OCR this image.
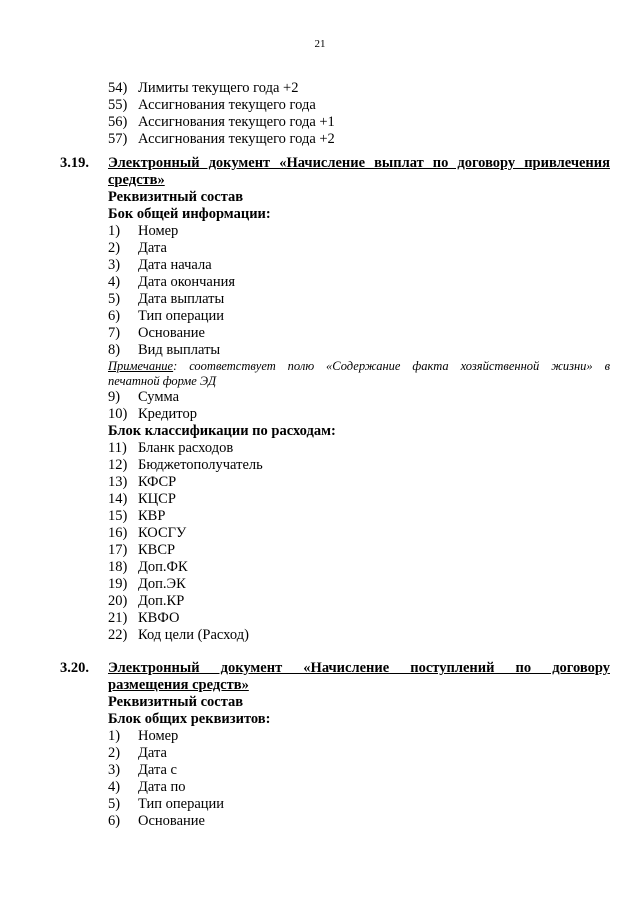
21
54) Лимиты текущего года +2
55) Ассигнования текущего года
56) Ассигнования текущего года +1
57) Ассигнования текущего года +2
3.19. Электронный документ «Начисление выплат по договору привлечения
средств»
Реквизитный состав
Бок общей информации:
1) Номер
2) Дата
3) Дата начала
4) Дата окончания
5) Дата выплаты
6) Тип операции
7) Основание
8) Вид выплаты
Примечание: соответствует полю «Содержание факта хозяйственной жизни» в
печатной форме ЭД
9) Сумма
10) Кредитор
Блок классификации по расходам:
11) Бланк расходов
12) Бюджетополучатель
13) КФСР
14) КЦСР
15) КВР
16) КОСГУ
17) КВСР
18) Доп.ФК
19) Доп.ЭК
20) Доп.КР
21) КВФО
22) Код цели (Расход)
3.20. Электронный документ «Начисление поступлений по договору
размещения средств»
Реквизитный состав
Блок общих реквизитов:
1) Номер
2) Дата
3) Дата с
4) Дата по
5) Тип операции
6) Основание
